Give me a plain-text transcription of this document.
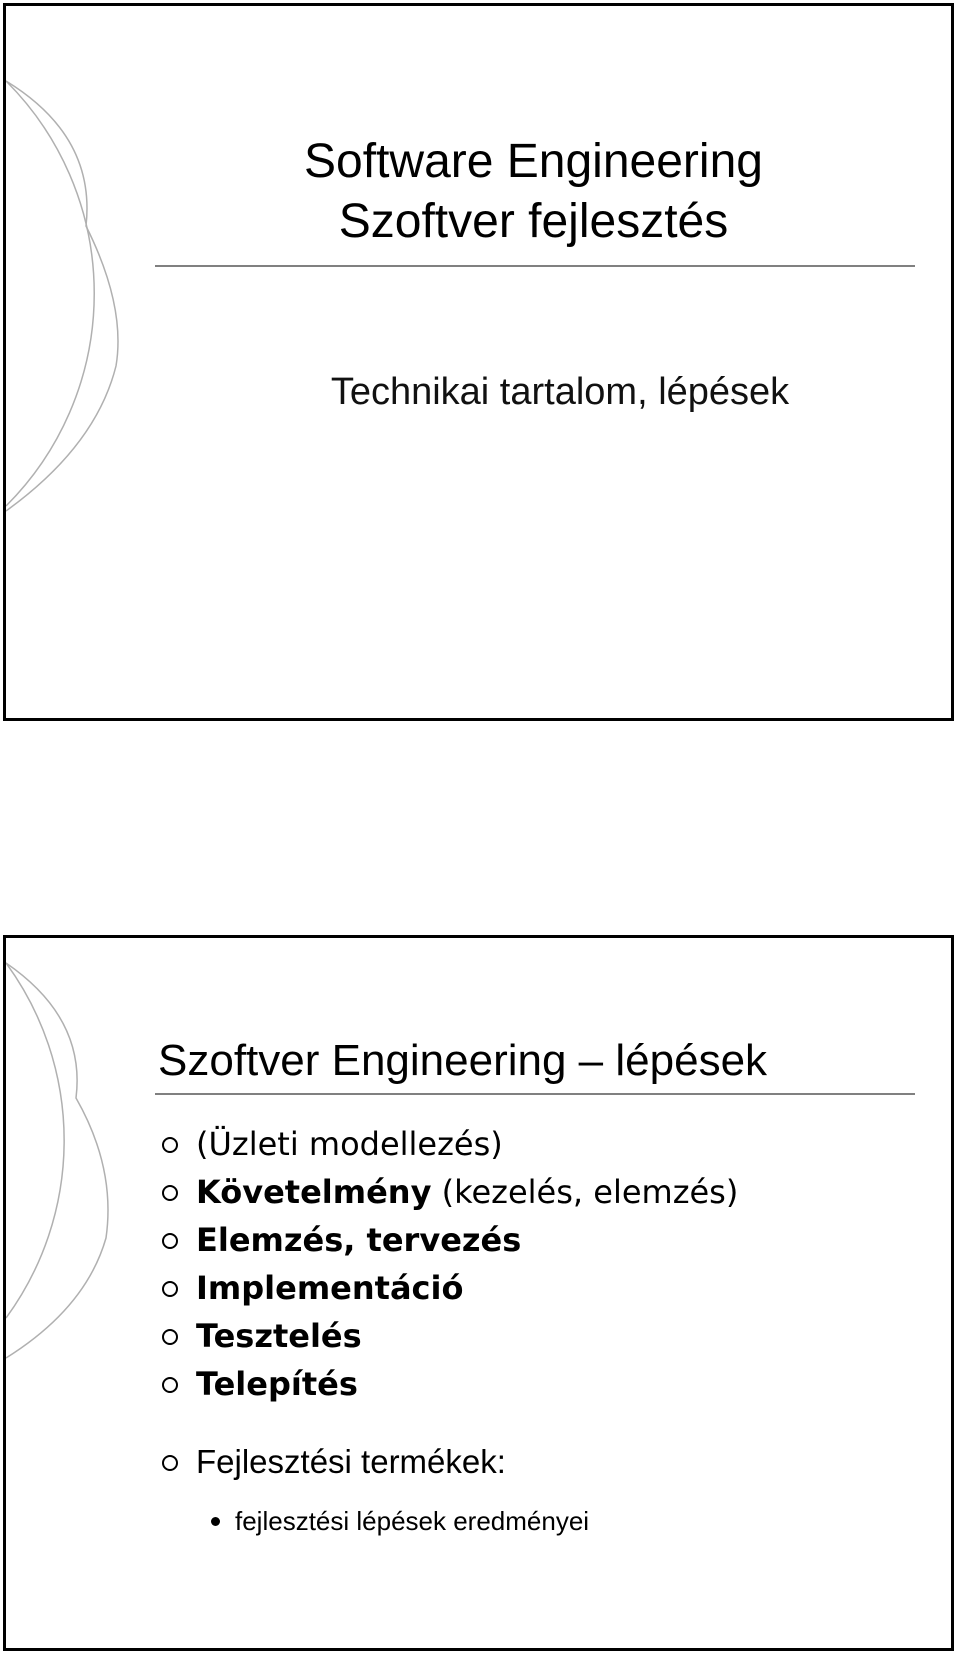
Software Engineering
Szoftver fejlesztés
Technikai tartalom, lépések
Szoftver Engineering – lépések
(Üzleti modellezés)
Követelmény (kezelés, elemzés)
Elemzés, tervezés
Implementáció
Tesztelés
Telepítés
Fejlesztési termékek:
fejlesztési lépések eredményei
